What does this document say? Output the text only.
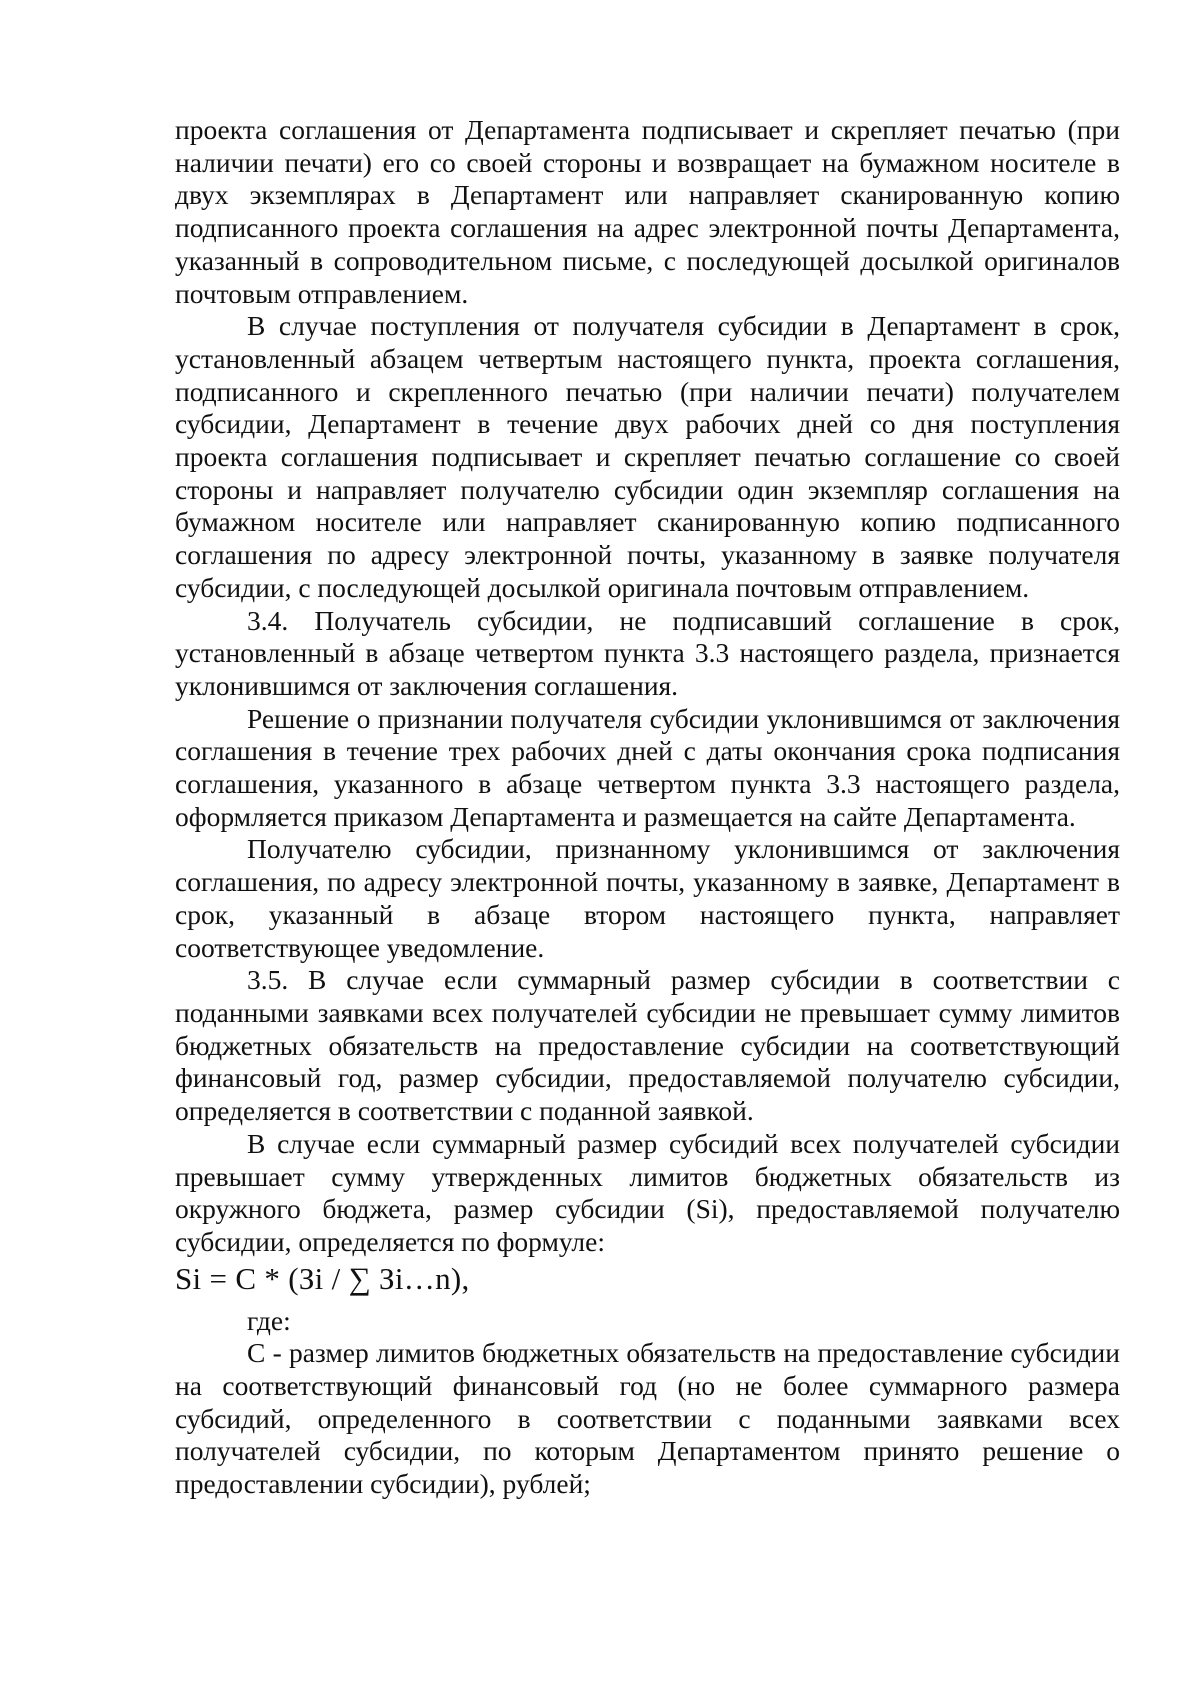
проекта соглашения от Департамента подписывает и скрепляет печатью (при наличии печати) его со своей стороны и возвращает на бумажном носителе в двух экземплярах в Департамент или направляет сканированную копию подписанного проекта соглашения на адрес электронной почты Департамента, указанный в сопроводительном письме, с последующей досылкой оригиналов почтовым отправлением.

В случае поступления от получателя субсидии в Департамент в срок, установленный абзацем четвертым настоящего пункта, проекта соглашения, подписанного и скрепленного печатью (при наличии печати) получателем субсидии, Департамент в течение двух рабочих дней со дня поступления проекта соглашения подписывает и скрепляет печатью соглашение со своей стороны и направляет получателю субсидии один экземпляр соглашения на бумажном носителе или направляет сканированную копию подписанного соглашения по адресу электронной почты, указанному в заявке получателя субсидии, с последующей досылкой оригинала почтовым отправлением.

3.4. Получатель субсидии, не подписавший соглашение в срок, установленный в абзаце четвертом пункта 3.3 настоящего раздела, признается уклонившимся от заключения соглашения.

Решение о признании получателя субсидии уклонившимся от заключения соглашения в течение трех рабочих дней с даты окончания срока подписания соглашения, указанного в абзаце четвертом пункта 3.3 настоящего раздела, оформляется приказом Департамента и размещается на сайте Департамента.

Получателю субсидии, признанному уклонившимся от заключения соглашения, по адресу электронной почты, указанному в заявке, Департамент в срок, указанный в абзаце втором настоящего пункта, направляет соответствующее уведомление.

3.5. В случае если суммарный размер субсидии в соответствии с поданными заявками всех получателей субсидии не превышает сумму лимитов бюджетных обязательств на предоставление субсидии на соответствующий финансовый год, размер субсидии, предоставляемой получателю субсидии, определяется в соответствии с поданной заявкой.

В случае если суммарный размер субсидий всех получателей субсидии превышает сумму утвержденных лимитов бюджетных обязательств из окружного бюджета, размер субсидии (Si), предоставляемой получателю субсидии, определяется по формуле:

Si = C * (Зi / ∑ Зi…n),

где:

C - размер лимитов бюджетных обязательств на предоставление субсидии на соответствующий финансовый год (но не более суммарного размера субсидий, определенного в соответствии с поданными заявками всех получателей субсидии, по которым Департаментом принято решение о предоставлении субсидии), рублей;
